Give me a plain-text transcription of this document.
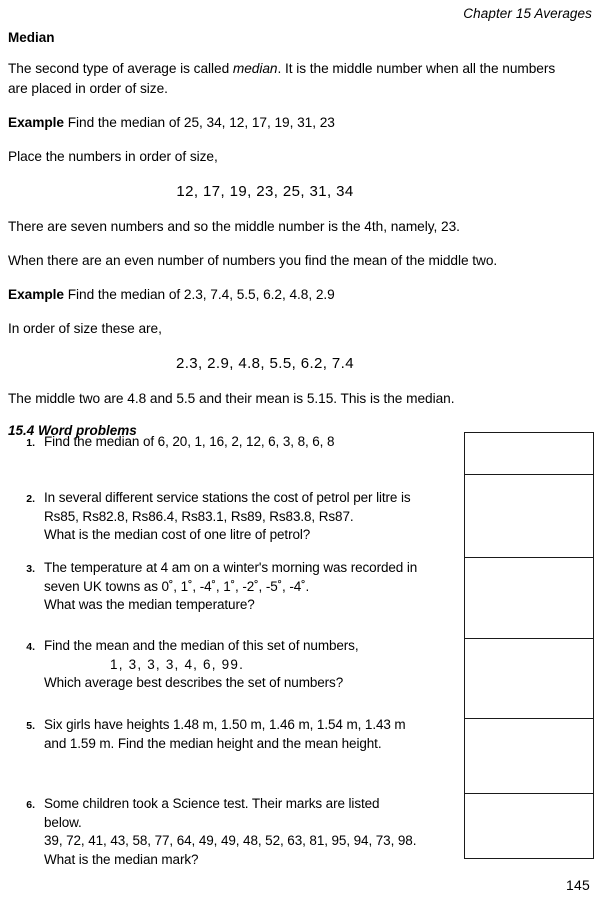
Chapter 15 Averages
Median

The second type of average is called median. It is the middle number when all the numbers
are placed in order of size.

Example Find the median of 25, 34, 12, 17, 19, 31, 23

Place the numbers in order of size,

12, 17, 19, 23, 25, 31, 34

There are seven numbers and so the middle number is the 4th, namely, 23.

When there are an even number of numbers you find the mean of the middle two.

Example Find the median of 2.3, 7.4, 5.5, 6.2, 4.8, 2.9

In order of size these are,

2.3, 2.9, 4.8, 5.5, 6.2, 7.4

The middle two are 4.8 and 5.5 and their mean is 5.15. This is the median.

15.4 Word problems
1. Find the median of 6, 20, 1, 16, 2, 12, 6, 3, 8, 6, 8
2. In several different service stations the cost of petrol per litre is
Rs85, Rs82.8, Rs86.4, Rs83.1, Rs89, Rs83.8, Rs87.
What is the median cost of one litre of petrol?
3. The temperature at 4 am on a winter's morning was recorded in
seven UK towns as 0˚, 1˚, -4˚, 1˚, -2˚, -5˚, -4˚.
What was the median temperature?
4. Find the mean and the median of this set of numbers,
1, 3, 3, 3, 4, 6, 99.
Which average best describes the set of numbers?
5. Six girls have heights 1.48 m, 1.50 m, 1.46 m, 1.54 m, 1.43 m
and 1.59 m. Find the median height and the mean height.
6. Some children took a Science test. Their marks are listed
below.
39, 72, 41, 43, 58, 77, 64, 49, 49, 48, 52, 63, 81, 95, 94, 73, 98.
What is the median mark?
145
